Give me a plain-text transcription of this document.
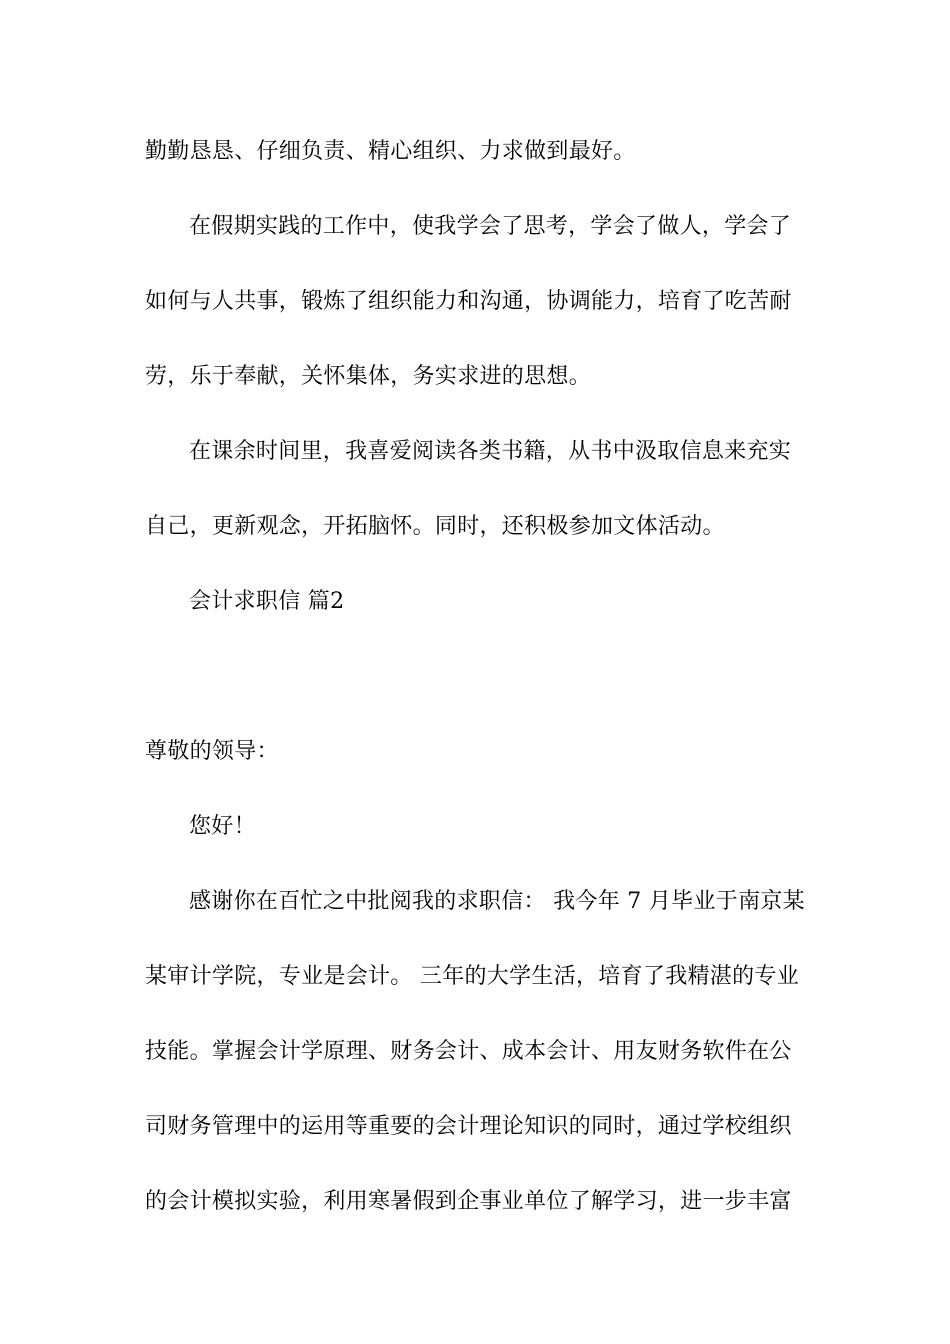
勤勤恳恳、仔细负责、精心组织、力求做到最好。
在假期实践的工作中，使我学会了思考，学会了做人，学会了
如何与人共事，锻炼了组织能力和沟通，协调能力，培育了吃苦耐
劳，乐于奉献，关怀集体，务实求进的思想。
在课余时间里，我喜爱阅读各类书籍，从书中汲取信息来充实
自己，更新观念，开拓脑怀。同时，还积极参加文体活动。
会计求职信 篇2
尊敬的领导：
您好！
感谢你在百忙之中批阅我的求职信： 我今年 7 月毕业于南京某
某审计学院，专业是会计。 三年的大学生活，培育了我精湛的专业
技能。掌握会计学原理、财务会计、成本会计、用友财务软件在公
司财务管理中的运用等重要的会计理论知识的同时，通过学校组织
的会计模拟实验，利用寒暑假到企事业单位了解学习，进一步丰富
